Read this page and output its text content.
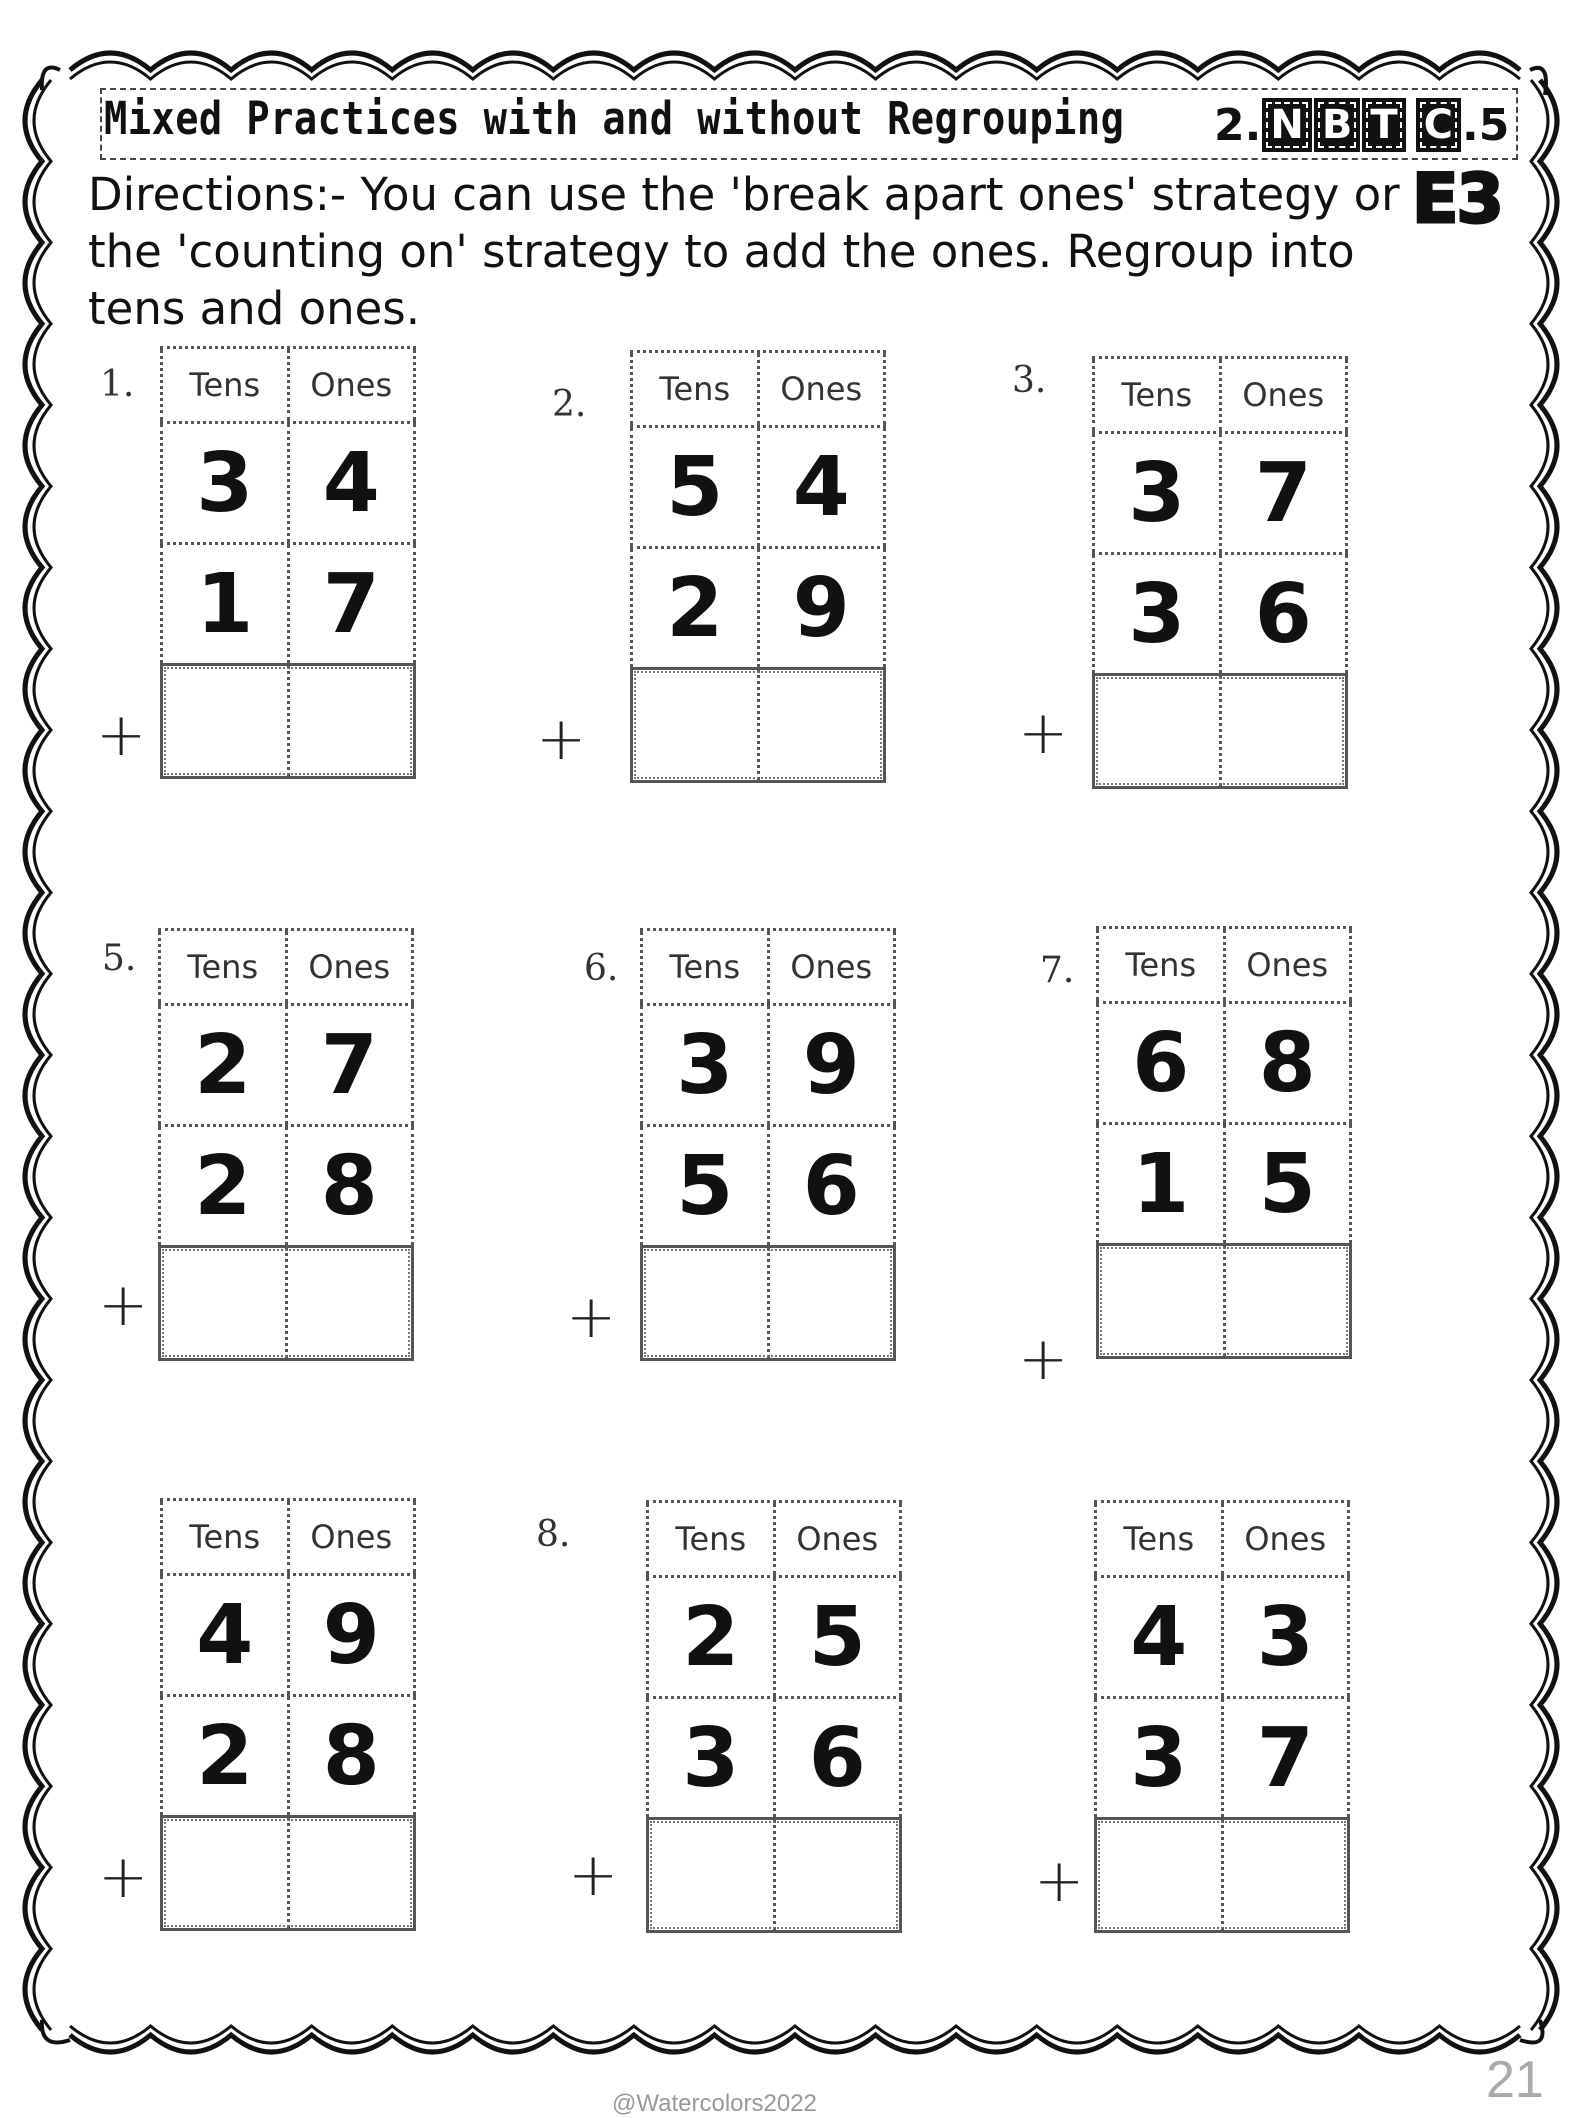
Mixed Practices with and without Regrouping 2. N B T C .5
E3
Directions:- You can use the 'break apart ones' strategy or the 'counting on' strategy to add the ones. Regroup into tens and ones.
1.	Tens	Ones
3 4
1 7
+
2.	Tens	Ones
5 4
2 9
+
3.	Tens	Ones
3 7
3 6
+
5.	Tens	Ones
2 7
2 8
+
6.	Tens	Ones
3 9
5 6
+
7.	Tens	Ones
6 8
1 5
+
Tens	Ones
4 9
2 8
+
8.	Tens	Ones
2 5
3 6
+
Tens	Ones
4 3
3 7
+
@Watercolors2022	21
